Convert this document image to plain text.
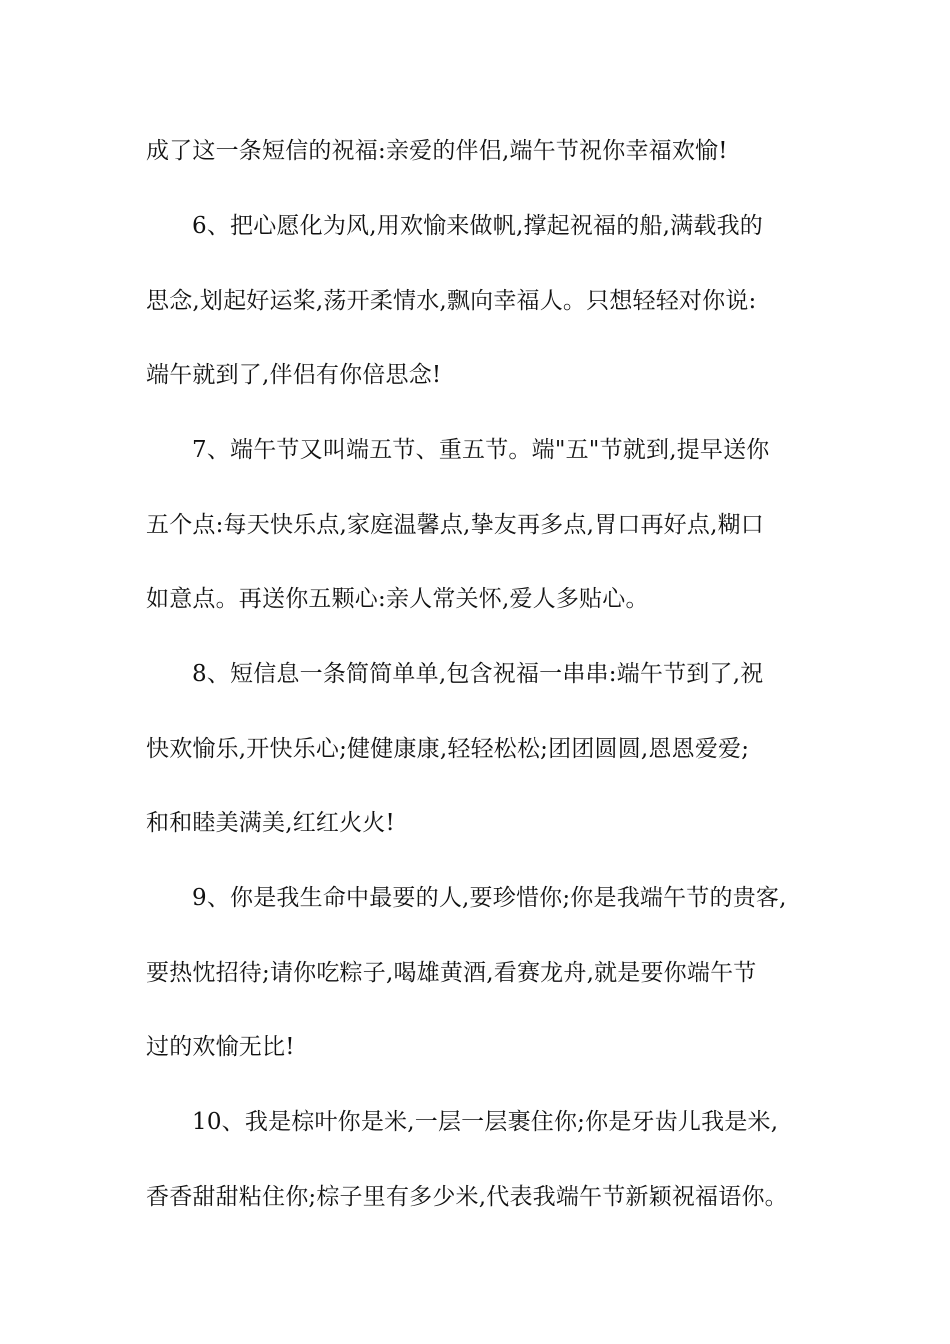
成了这一条短信的祝福:亲爱的伴侣,端午节祝你幸福欢愉!
6、把心愿化为风,用欢愉来做帆,撑起祝福的船,满载我的
思念,划起好运桨,荡开柔情水,飘向幸福人。只想轻轻对你说:
端午就到了,伴侣有你倍思念!
7、端午节又叫端五节、重五节。端"五"节就到,提早送你
五个点:每天快乐点,家庭温馨点,挚友再多点,胃口再好点,糊口
如意点。再送你五颗心:亲人常关怀,爱人多贴心。
8、短信息一条简简单单,包含祝福一串串:端午节到了,祝
快欢愉乐,开快乐心;健健康康,轻轻松松;团团圆圆,恩恩爱爱;
和和睦美满美,红红火火!
9、你是我生命中最要的人,要珍惜你;你是我端午节的贵客,
要热忱招待;请你吃粽子,喝雄黄酒,看赛龙舟,就是要你端午节
过的欢愉无比!
10、我是棕叶你是米,一层一层裹住你;你是牙齿儿我是米,
香香甜甜粘住你;棕子里有多少米,代表我端午节新颖祝福语你。
